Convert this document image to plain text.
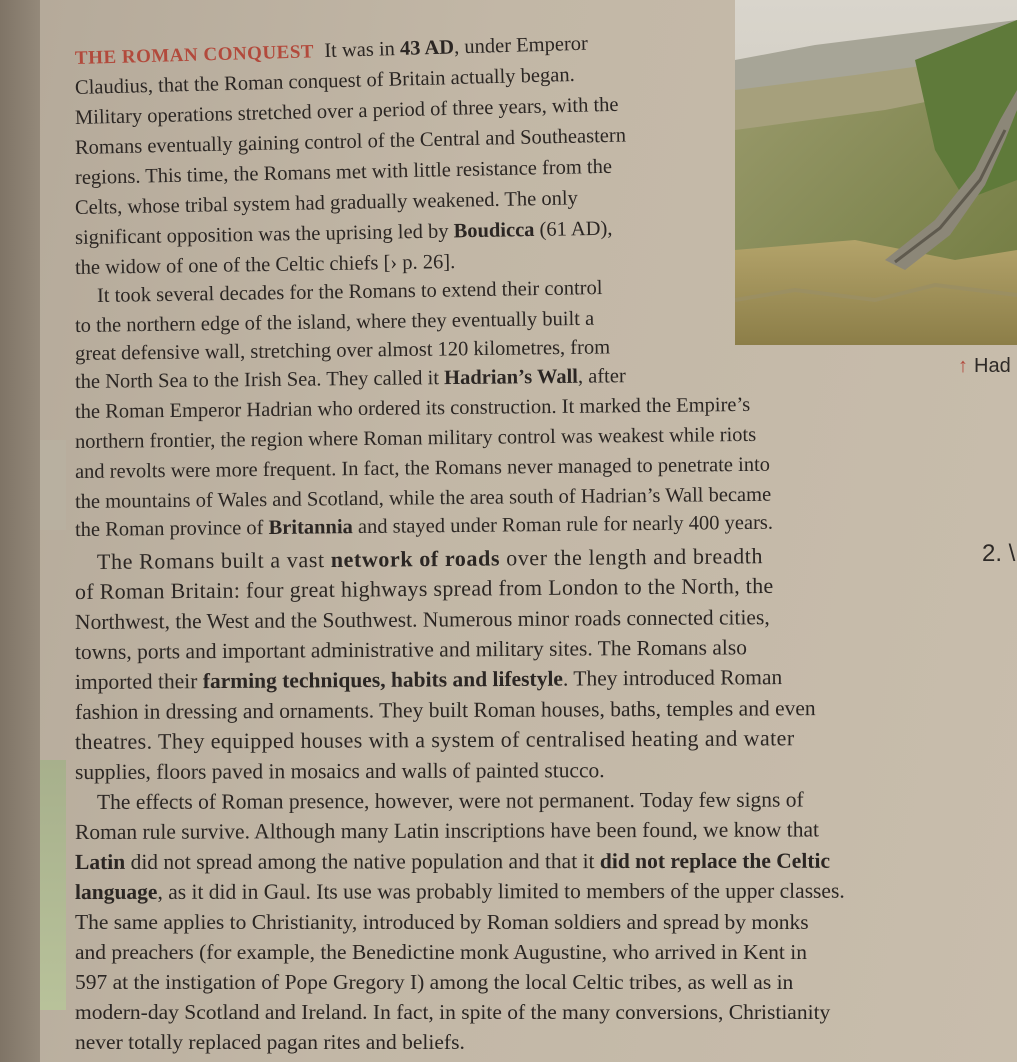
↑ Had
2. \
THE ROMAN CONQUEST It was in 43 AD, under Emperor
Claudius, that the Roman conquest of Britain actually began.
Military operations stretched over a period of three years, with the
Romans eventually gaining control of the Central and Southeastern
regions. This time, the Romans met with little resistance from the
Celts, whose tribal system had gradually weakened. The only
significant opposition was the uprising led by Boudicca (61 AD),
the widow of one of the Celtic chiefs [› p. 26].
It took several decades for the Romans to extend their control
to the northern edge of the island, where they eventually built a
great defensive wall, stretching over almost 120 kilometres, from
the North Sea to the Irish Sea. They called it Hadrian’s Wall, after
the Roman Emperor Hadrian who ordered its construction. It marked the Empire’s
northern frontier, the region where Roman military control was weakest while riots
and revolts were more frequent. In fact, the Romans never managed to penetrate into
the mountains of Wales and Scotland, while the area south of Hadrian’s Wall became
the Roman province of Britannia and stayed under Roman rule for nearly 400 years.
The Romans built a vast network of roads over the length and breadth
of Roman Britain: four great highways spread from London to the North, the
Northwest, the West and the Southwest. Numerous minor roads connected cities,
towns, ports and important administrative and military sites. The Romans also
imported their farming techniques, habits and lifestyle. They introduced Roman
fashion in dressing and ornaments. They built Roman houses, baths, temples and even
theatres. They equipped houses with a system of centralised heating and water
supplies, floors paved in mosaics and walls of painted stucco.
The effects of Roman presence, however, were not permanent. Today few signs of
Roman rule survive. Although many Latin inscriptions have been found, we know that
Latin did not spread among the native population and that it did not replace the Celtic
language, as it did in Gaul. Its use was probably limited to members of the upper classes.
The same applies to Christianity, introduced by Roman soldiers and spread by monks
and preachers (for example, the Benedictine monk Augustine, who arrived in Kent in
597 at the instigation of Pope Gregory I) among the local Celtic tribes, as well as in
modern-day Scotland and Ireland. In fact, in spite of the many conversions, Christianity
never totally replaced pagan rites and beliefs.
